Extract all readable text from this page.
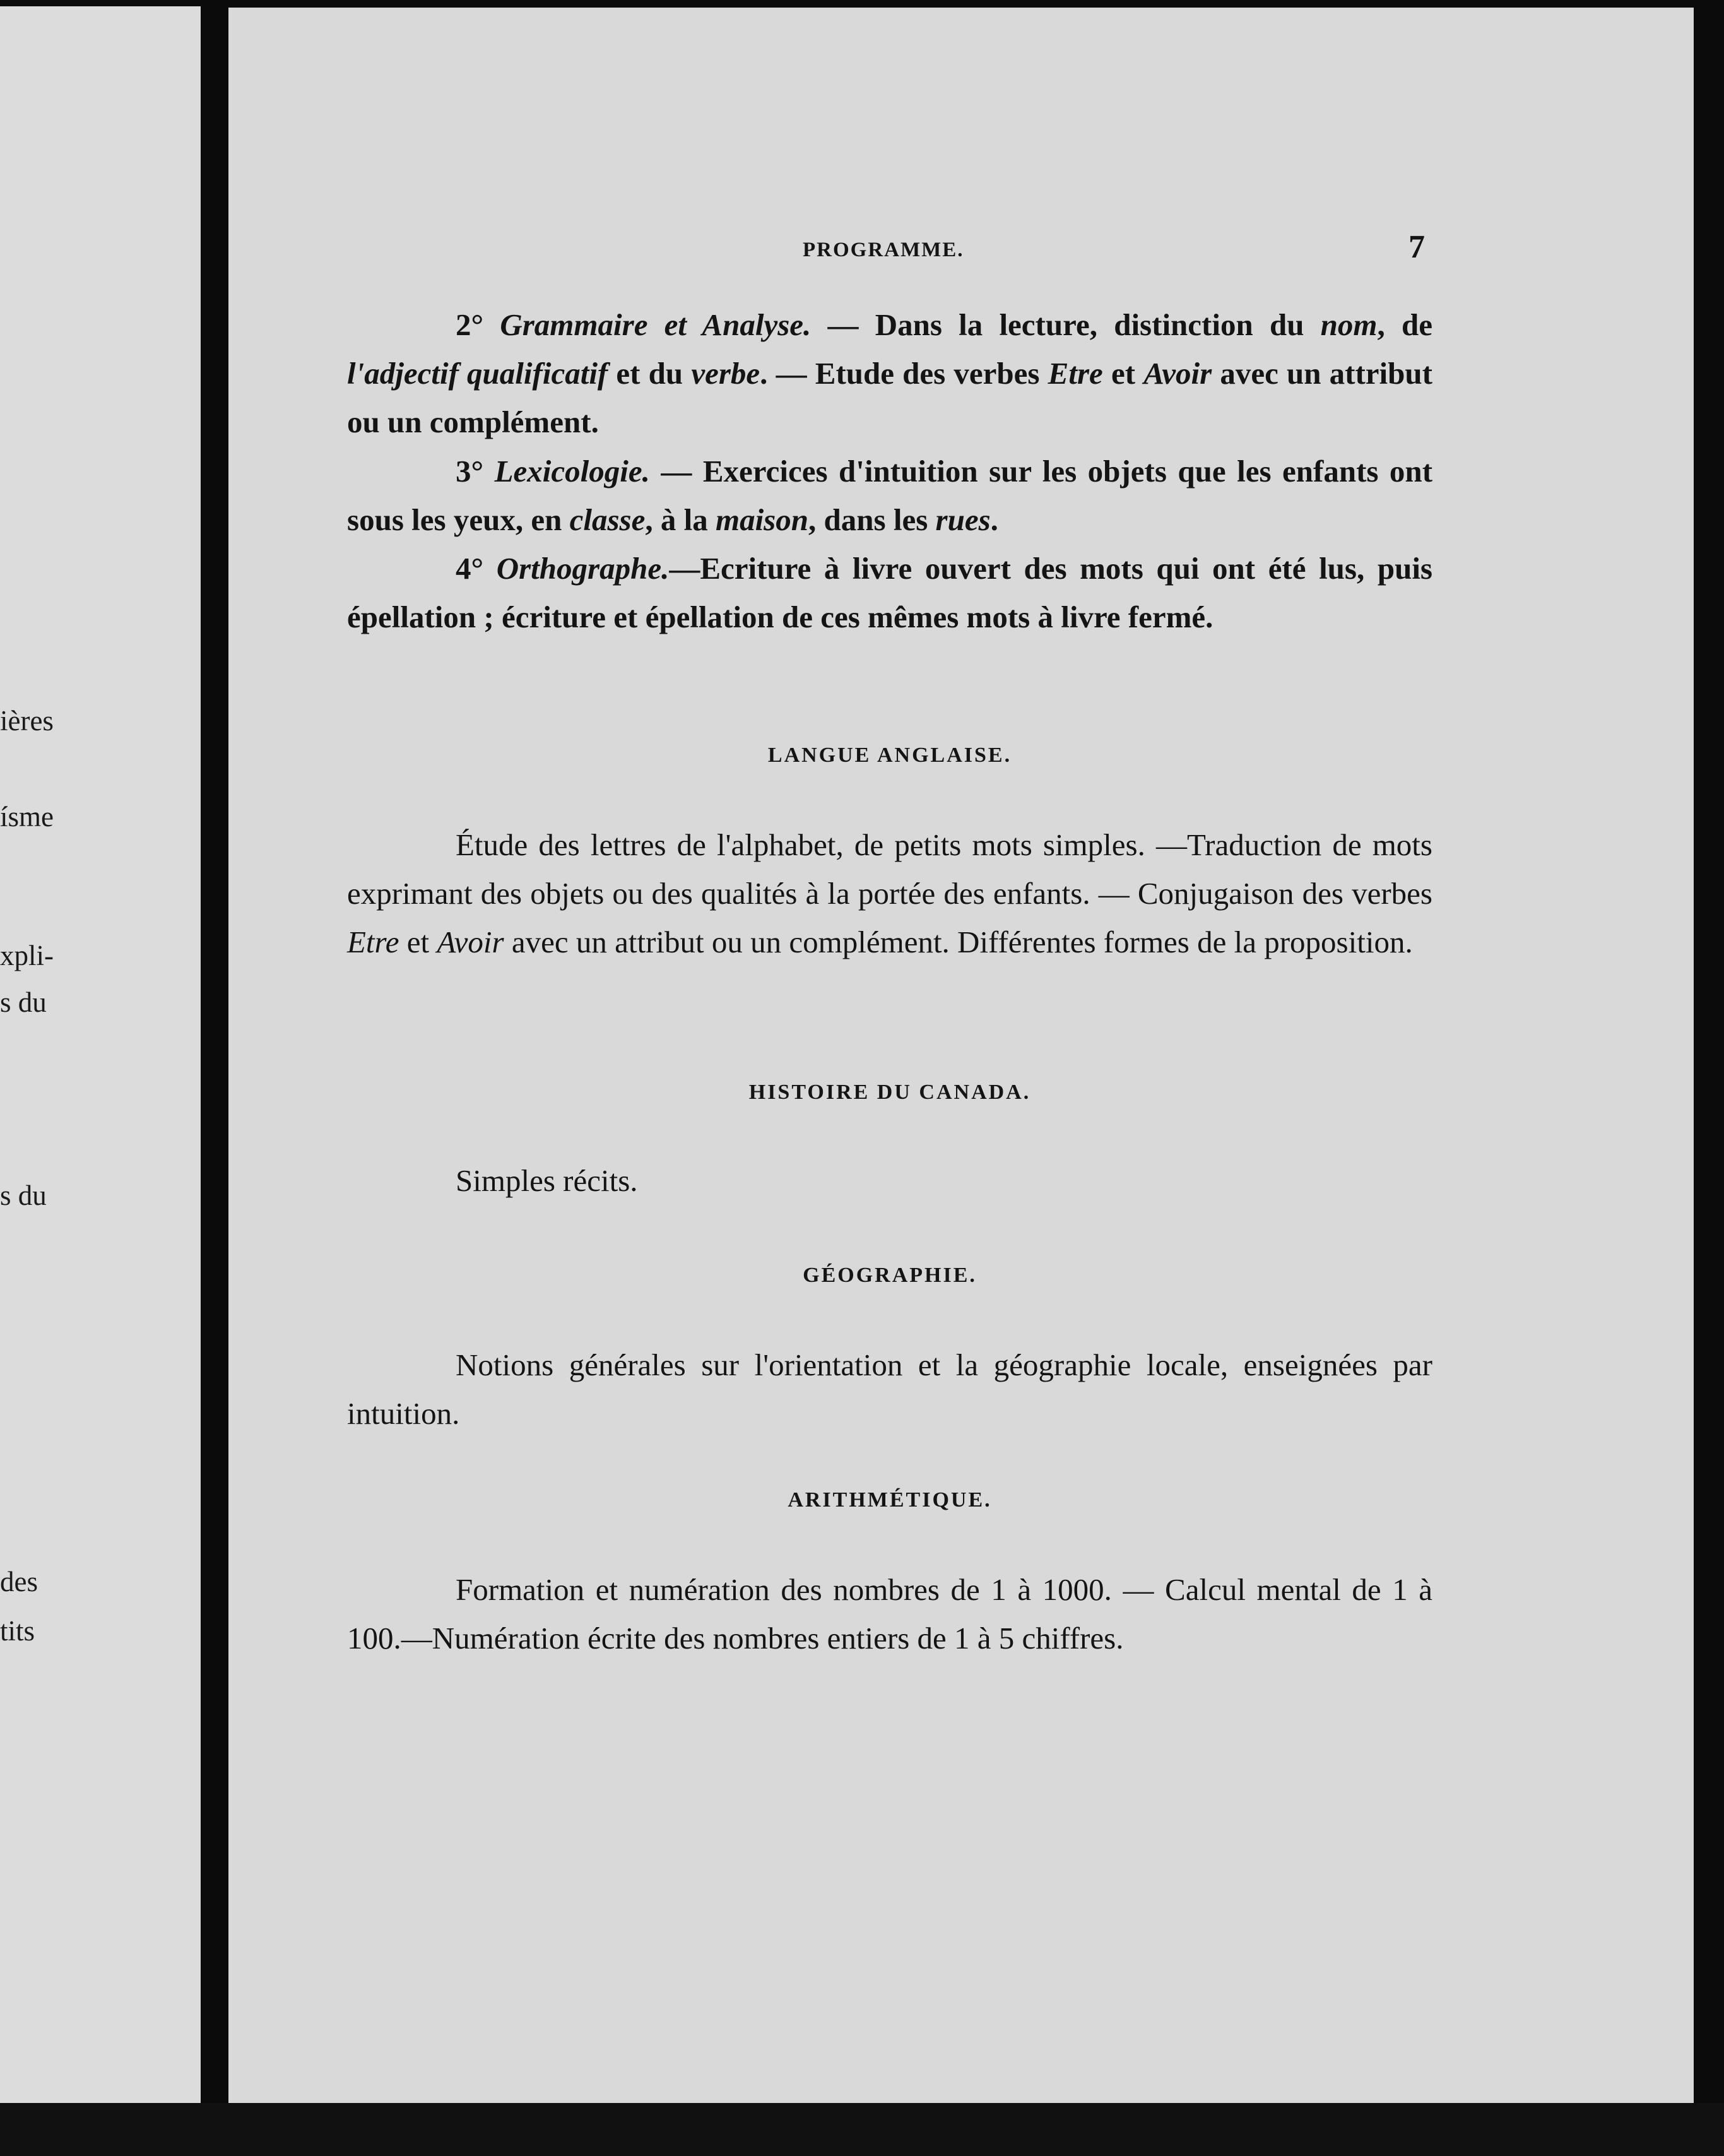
ières

ísme

xpli-

s du

s du

des

tits

PROGRAMME.	7

2° Grammaire et Analyse. — Dans la lecture, distinction du nom, de l'adjectif qualificatif et du verbe. — Etude des verbes Etre et Avoir avec un attribut ou un complément.

3° Lexicologie. — Exercices d'intuition sur les objets que les enfants ont sous les yeux, en classe, à la maison, dans les rues.

4° Orthographe.—Ecriture à livre ouvert des mots qui ont été lus, puis épellation ; écriture et épellation de ces mêmes mots à livre fermé.

LANGUE ANGLAISE.

Étude des lettres de l'alphabet, de petits mots simples. —Traduction de mots exprimant des objets ou des qualités à la portée des enfants. — Conjugaison des verbes Etre et Avoir avec un attribut ou un complément. Différentes formes de la proposition.

HISTOIRE DU CANADA.

Simples récits.

GÉOGRAPHIE.

Notions générales sur l'orientation et la géographie locale, enseignées par intuition.

ARITHMÉTIQUE.

Formation et numération des nombres de 1 à 1000. — Calcul mental de 1 à 100.—Numération écrite des nombres entiers de 1 à 5 chiffres.
